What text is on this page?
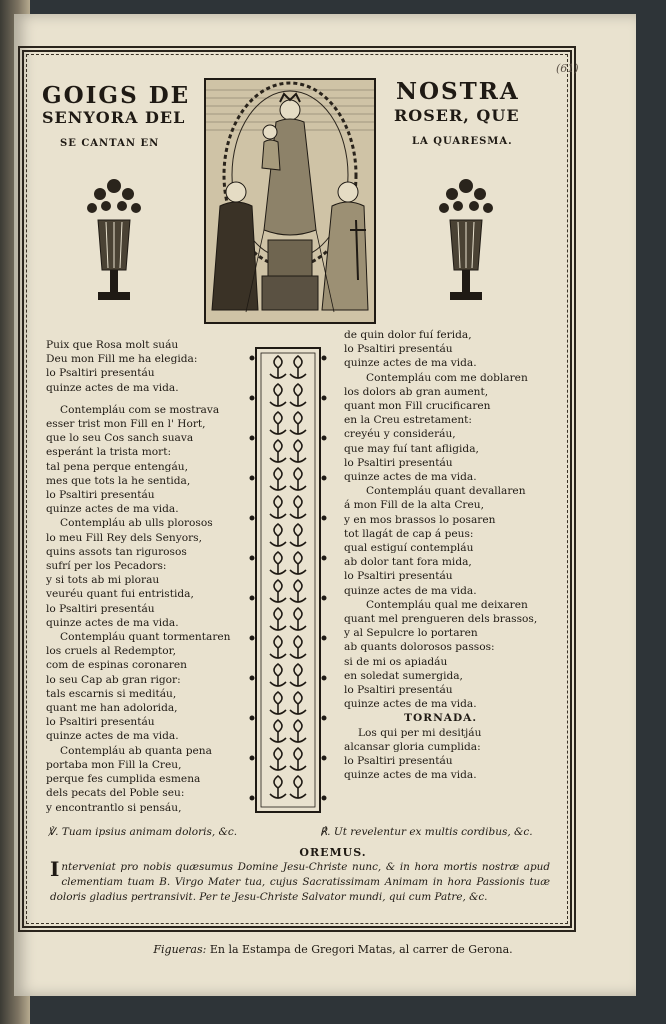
(61)
GOIGS DE	NOSTRA
SENYORA DEL	ROSER, QUE
SE CANTAN EN	LA QUARESMA.

Puix que Rosa molt suáu

Deu mon Fill me ha elegida:

lo Psaltiri presentáu

quinze actes de ma vida.

Contempláu com se mostrava

esser trist mon Fill en l' Hort,

que lo seu Cos sanch suava

esperánt la trista mort:

tal pena perque entengáu,

mes que tots la he sentida,

lo Psaltiri presentáu

quinze actes de ma vida.

Contempláu ab ulls plorosos

lo meu Fill Rey dels Senyors,

quins assots tan rigurosos

sufrí per los Pecadors:

y si tots ab mi plorau

veuréu quant fui entristida,

lo Psaltiri presentáu

quinze actes de ma vida.

Contempláu quant tormentaren

los cruels al Redemptor,

com de espinas coronaren

lo seu Cap ab gran rigor:

tals escarnis si meditáu,

quant me han adolorida,

lo Psaltiri presentáu

quinze actes de ma vida.

Contempláu ab quanta pena

portaba mon Fill la Creu,

perque fes cumplida esmena

dels pecats del Poble seu:

y encontrantlo si pensáu,

de quin dolor fuí ferida,

lo Psaltiri presentáu

quinze actes de ma vida.

Contempláu com me doblaren

los dolors ab gran aument,

quant mon Fill crucificaren

en la Creu estretament:

creyéu y consideráu,

que may fuí tant afligida,

lo Psaltiri presentáu

quinze actes de ma vida.

Contempláu quant devallaren

á mon Fill de la alta Creu,

y en mos brassos lo posaren

tot llagát de cap á peus:

qual estiguí contempláu

ab dolor tant fora mida,

lo Psaltiri presentáu

quinze actes de ma vida.

Contempláu qual me deixaren

quant mel prengueren dels brassos,

y al Sepulcre lo portaren

ab quants dolorosos passos:

si de mi os apiadáu

en soledat sumergida,

lo Psaltiri presentáu

quinze actes de ma vida.

TORNADA.

Los qui per mi desitjáu

alcansar gloria cumplida:

lo Psaltiri presentáu

quinze actes de ma vida.

℣. Tuam ipsius animam doloris, &c.	℟. Ut revelentur ex multis cordibus, &c.
OREMUS.
I nterveniat pro nobis quæsumus Domine Jesu-Christe nunc, & in hora mortis nostræ apud clementiam tuam B. Virgo Mater tua, cujus Sacratissimam Animam in hora Passionis tuæ doloris gladius pertransivit. Per te Jesu-Christe Salvator mundi, qui cum Patre, &c.
Figueras: En la Estampa de Gregori Matas, al carrer de Gerona.
